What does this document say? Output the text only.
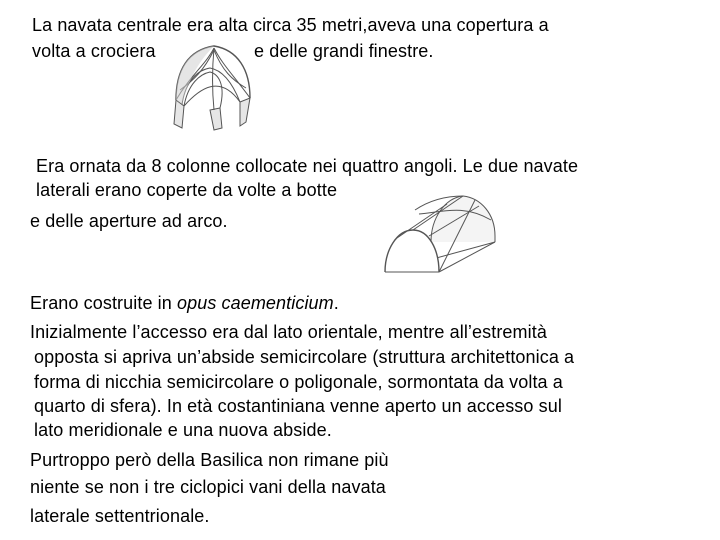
La navata centrale era alta circa 35 metri,aveva una copertura a
volta a crociera	e delle grandi finestre.
Era ornata da 8 colonne collocate nei quattro angoli. Le due navate
laterali erano coperte da volte a botte
e delle aperture ad arco.
Erano costruite in opus caementicium.
Inizialmente l’accesso era dal lato orientale, mentre all’estremità
opposta si apriva un’abside semicircolare (struttura architettonica a
forma di nicchia semicircolare o poligonale, sormontata da volta a
quarto di sfera). In età costantiniana venne aperto un accesso sul
lato meridionale e una nuova abside.
Purtroppo però della Basilica non rimane più
niente se non i tre ciclopici vani della navata
laterale settentrionale.
